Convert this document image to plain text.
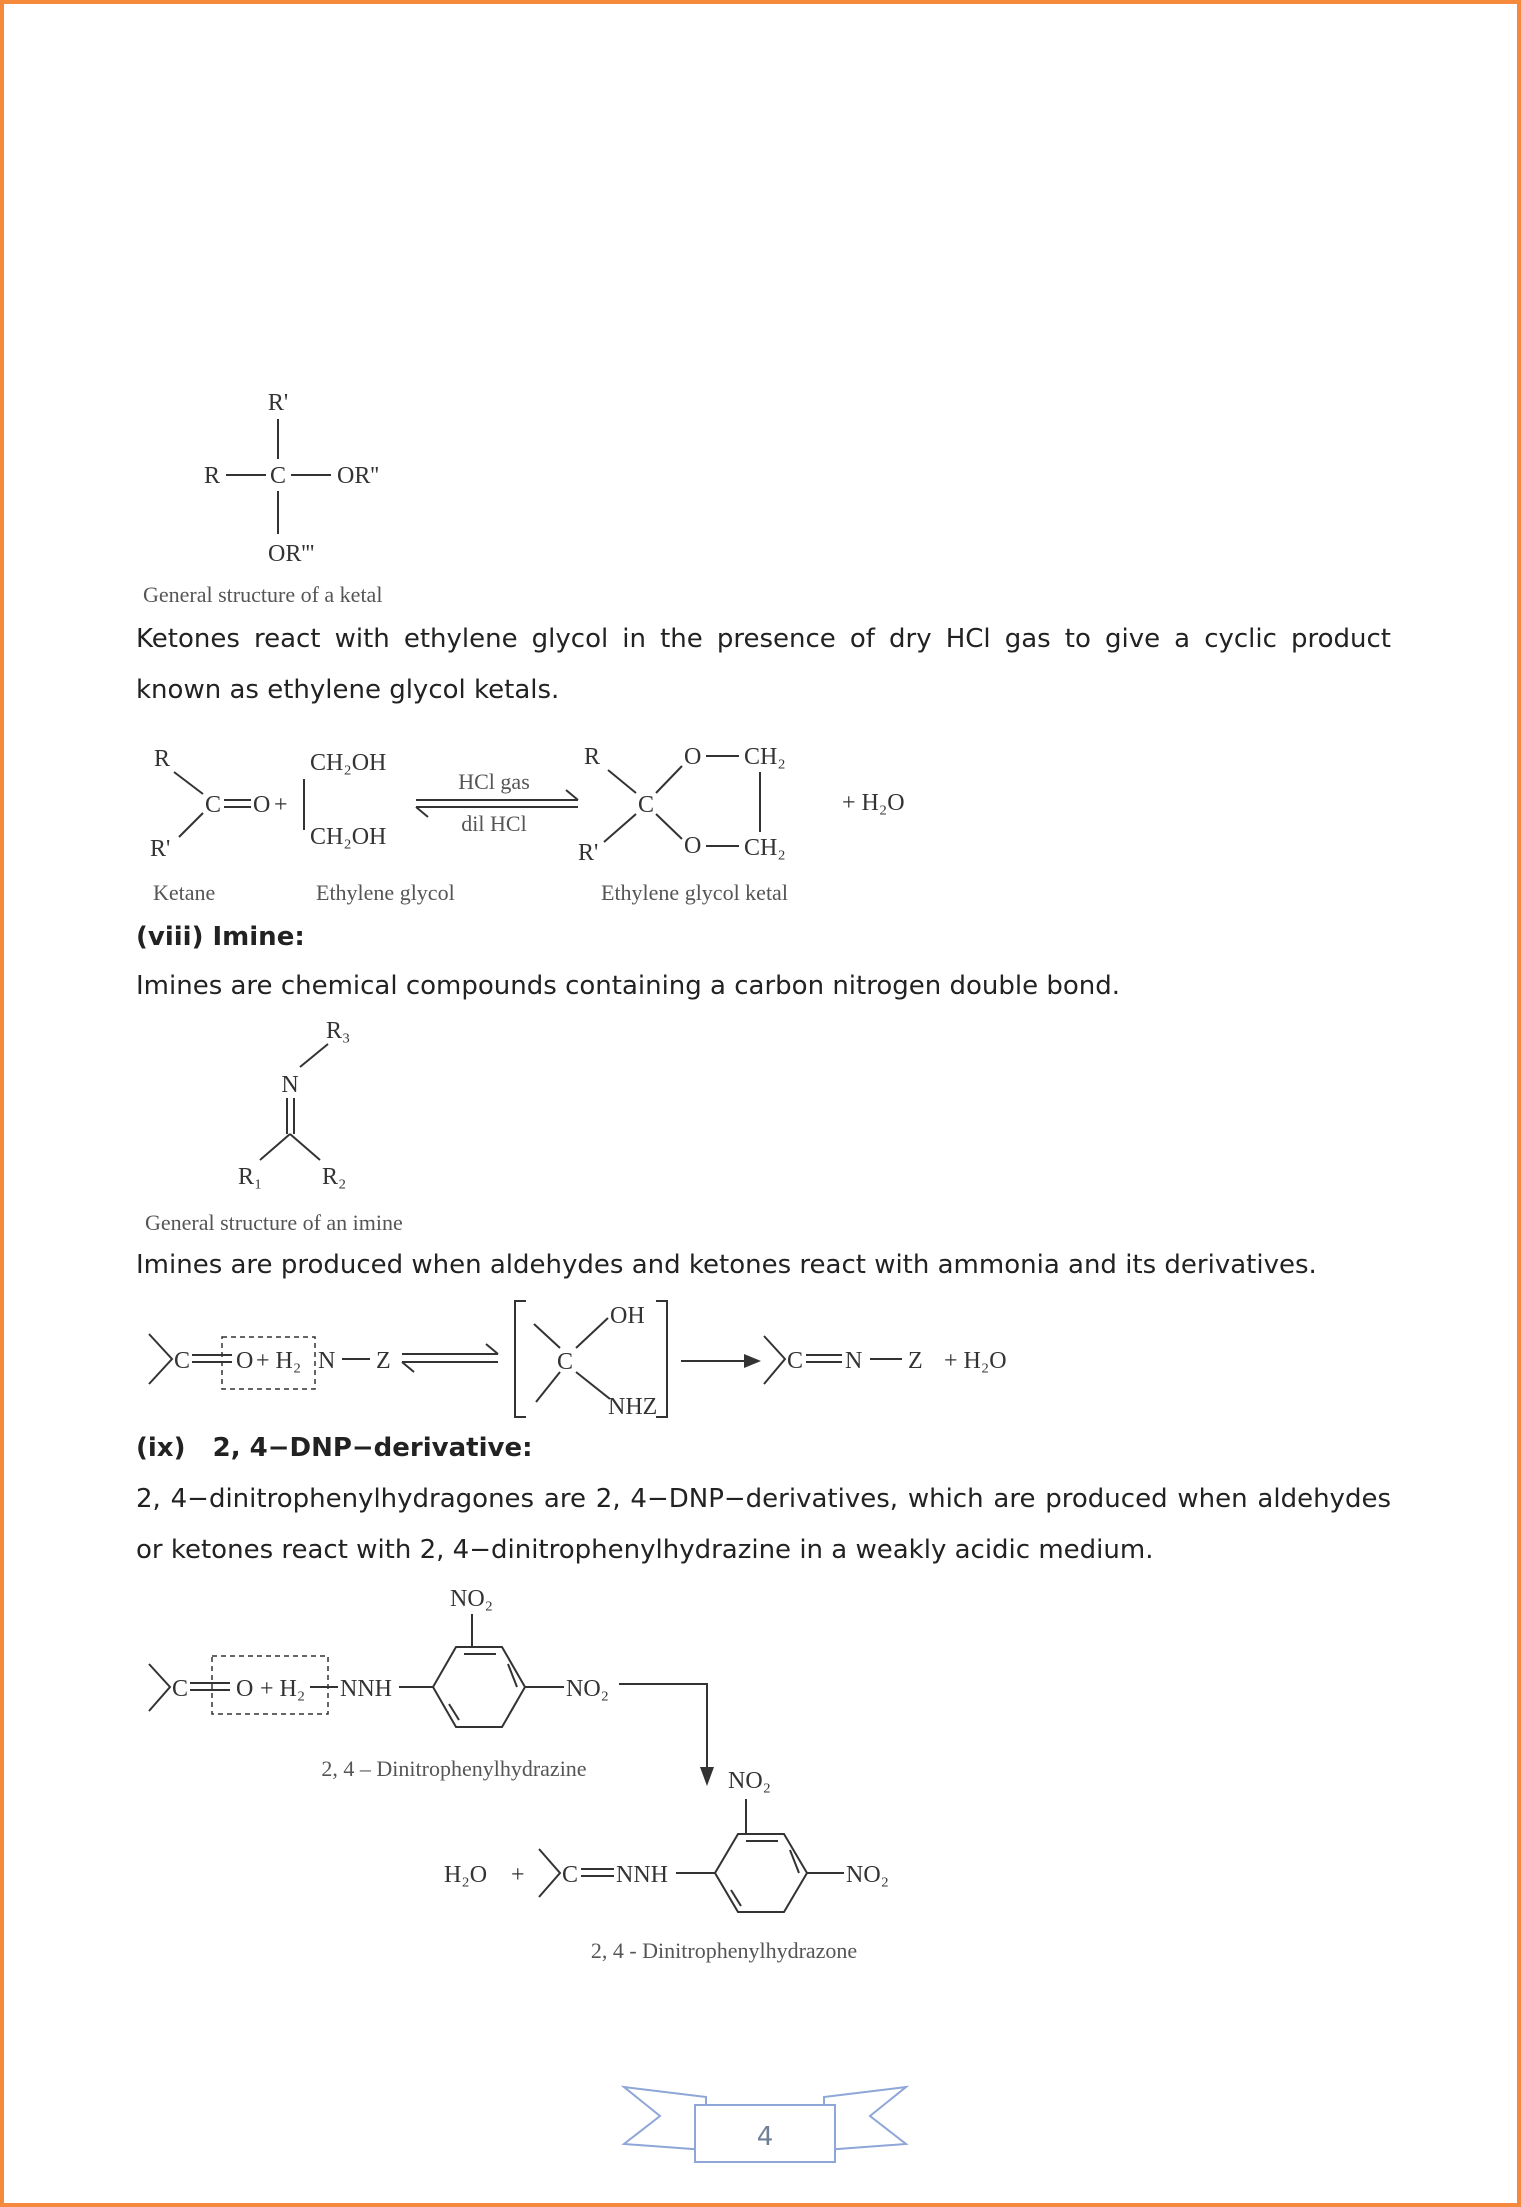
Ketones react with ethylene glycol in the presence of dry HCl gas to give a cyclic product known as ethylene glycol ketals.

(viii) Imine:

Imines are chemical compounds containing a carbon nitrogen double bond.

Imines are produced when aldehydes and ketones react with ammonia and its derivatives.

(ix)   2, 4−DNP−derivative:

2, 4−dinitrophenylhydragones are 2, 4−DNP−derivatives, which are produced when aldehydes or ketones react with 2, 4−dinitrophenylhydrazine in a weakly acidic medium.

R'
R C OR''
OR'''
General structure of a ketal
R
R'
C O +
CH₂OH
CH₂OH
HCl gas
dil HCl
R
R'
C
O CH₂
O CH₂
+ H₂O
Ketane	Ethylene glycol	Ethylene glycol ketal
R₃
N
R₁ R₂
General structure of an imine
C O + H₂ N Z	C
OH
NHZ
C N Z + H₂O
C O + H₂ NNH
NO₂
NO₂
2, 4 – Dinitrophenylhydrazine	NO₂
H₂O + C NNH	NO₂
2, 4 - Dinitrophenylhydrazone
4
